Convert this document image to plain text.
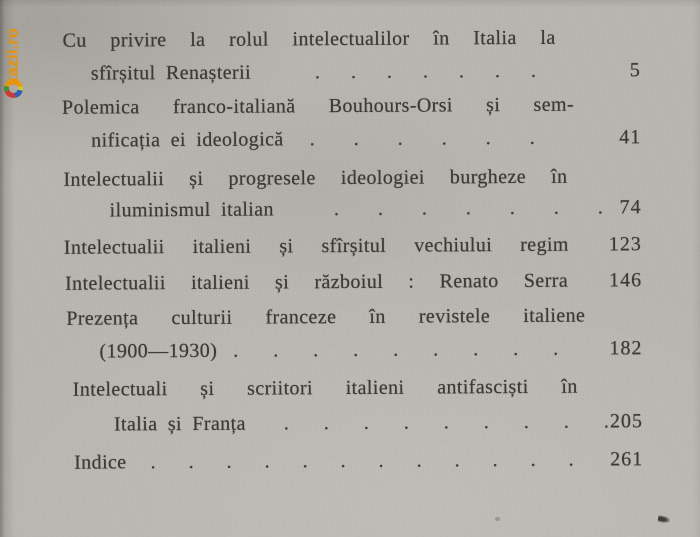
kazii.ro Cu privire la rolul intelectualilor în Italia la
sfîrșitul Renașterii	. . . . . . .	5
Polemica franco-italiană Bouhours-Orsi și sem-
nificația ei ideologică . . . . . .	41
Intelectualii și progresele ideologiei burgheze în
iluminismul italian	. . . . . . . 74
Intelectualii italieni și sfîrșitul vechiului regim 123
Intelectualii italieni și războiul : Renato Serra 146
Prezența culturii franceze în revistele italiene
(1900—1930) . . . . . . . . .	182
Intelectuali și scriitori italieni antifasciști în
Italia și Franța . . . . . . . . . 205
Indice . . . . . . . . . . . . 261
